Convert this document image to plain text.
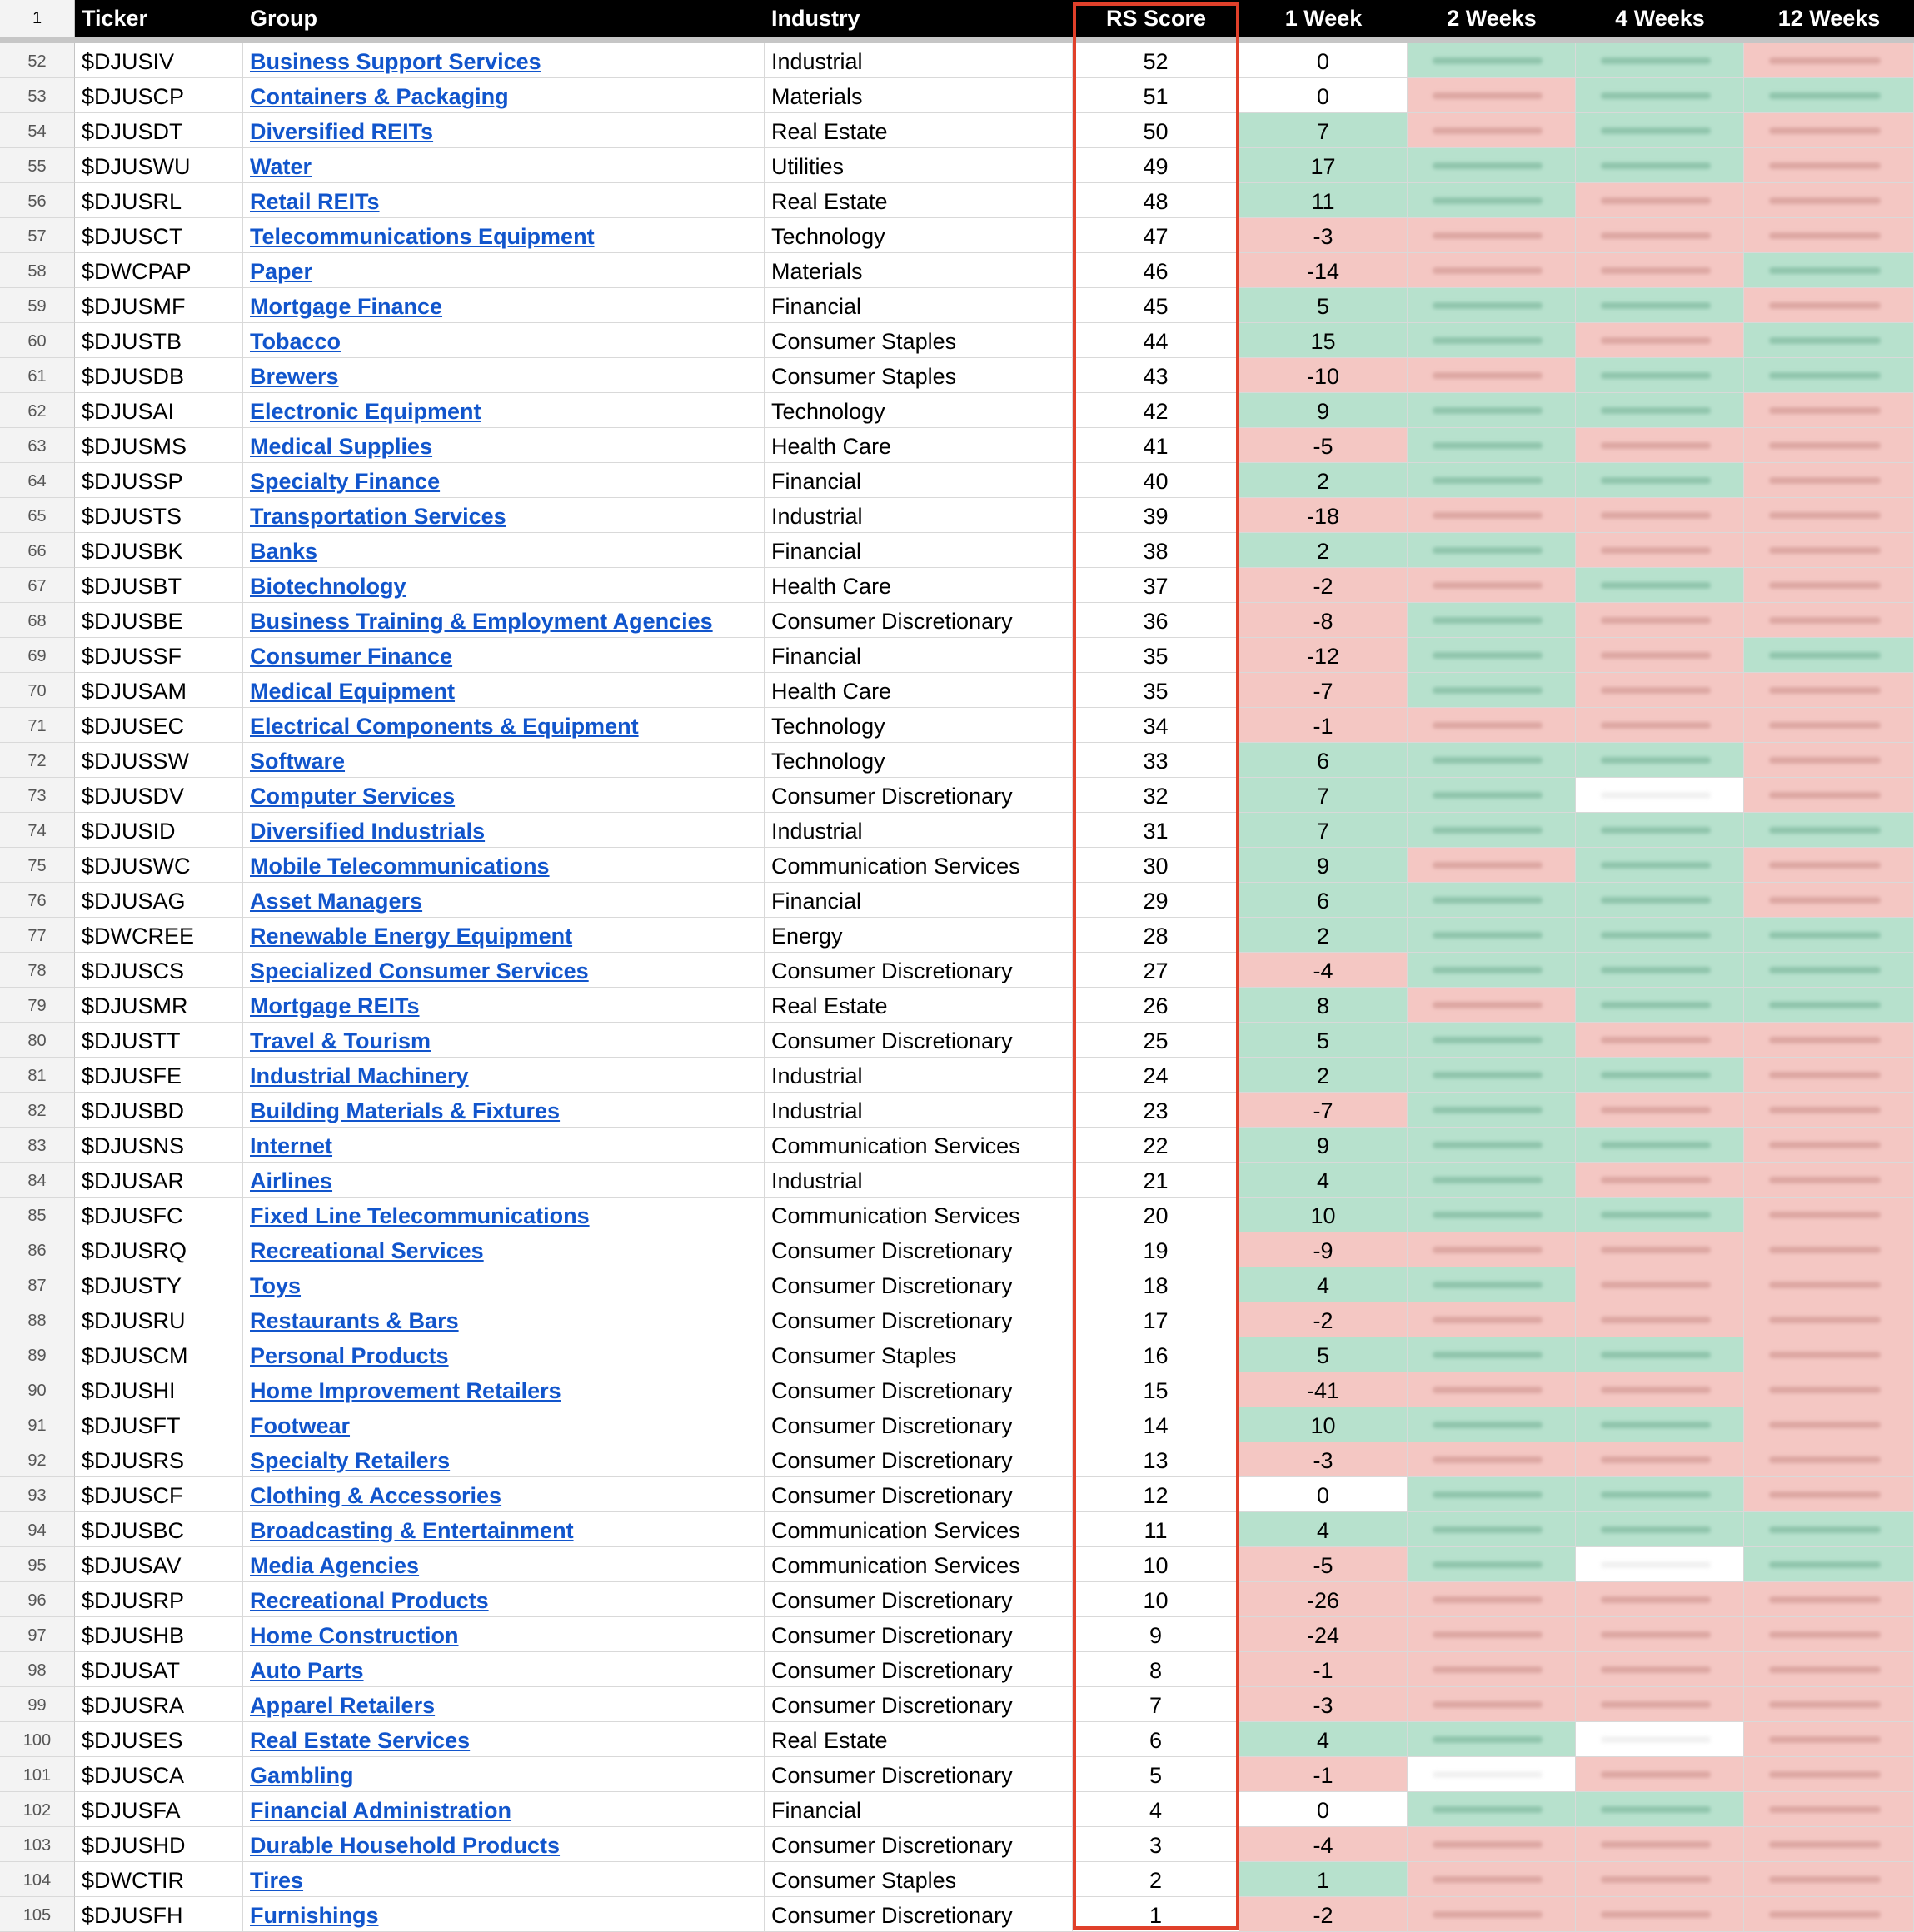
1	Ticker	Group	Industry	RS Score	1 Week	2 Weeks	4 Weeks	12 Weeks
52	$DJUSIV	Business Support Services	Industrial	52	0
53	$DJUSCP	Containers & Packaging	Materials	51	0
54	$DJUSDT	Diversified REITs	Real Estate	50	7
55	$DJUSWU	Water	Utilities	49	17
56	$DJUSRL	Retail REITs	Real Estate	48	11
57	$DJUSCT	Telecommunications Equipment	Technology	47	-3
58	$DWCPAP	Paper	Materials	46	-14
59	$DJUSMF	Mortgage Finance	Financial	45	5
60	$DJUSTB	Tobacco	Consumer Staples	44	15
61	$DJUSDB	Brewers	Consumer Staples	43	-10
62	$DJUSAI	Electronic Equipment	Technology	42	9
63	$DJUSMS	Medical Supplies	Health Care	41	-5
64	$DJUSSP	Specialty Finance	Financial	40	2
65	$DJUSTS	Transportation Services	Industrial	39	-18
66	$DJUSBK	Banks	Financial	38	2
67	$DJUSBT	Biotechnology	Health Care	37	-2
68	$DJUSBE	Business Training & Employment Agencies	Consumer Discretionary	36	-8
69	$DJUSSF	Consumer Finance	Financial	35	-12
70	$DJUSAM	Medical Equipment	Health Care	35	-7
71	$DJUSEC	Electrical Components & Equipment	Technology	34	-1
72	$DJUSSW	Software	Technology	33	6
73	$DJUSDV	Computer Services	Consumer Discretionary	32	7
74	$DJUSID	Diversified Industrials	Industrial	31	7
75	$DJUSWC	Mobile Telecommunications	Communication Services	30	9
76	$DJUSAG	Asset Managers	Financial	29	6
77	$DWCREE	Renewable Energy Equipment	Energy	28	2
78	$DJUSCS	Specialized Consumer Services	Consumer Discretionary	27	-4
79	$DJUSMR	Mortgage REITs	Real Estate	26	8
80	$DJUSTT	Travel & Tourism	Consumer Discretionary	25	5
81	$DJUSFE	Industrial Machinery	Industrial	24	2
82	$DJUSBD	Building Materials & Fixtures	Industrial	23	-7
83	$DJUSNS	Internet	Communication Services	22	9
84	$DJUSAR	Airlines	Industrial	21	4
85	$DJUSFC	Fixed Line Telecommunications	Communication Services	20	10
86	$DJUSRQ	Recreational Services	Consumer Discretionary	19	-9
87	$DJUSTY	Toys	Consumer Discretionary	18	4
88	$DJUSRU	Restaurants & Bars	Consumer Discretionary	17	-2
89	$DJUSCM	Personal Products	Consumer Staples	16	5
90	$DJUSHI	Home Improvement Retailers	Consumer Discretionary	15	-41
91	$DJUSFT	Footwear	Consumer Discretionary	14	10
92	$DJUSRS	Specialty Retailers	Consumer Discretionary	13	-3
93	$DJUSCF	Clothing & Accessories	Consumer Discretionary	12	0
94	$DJUSBC	Broadcasting & Entertainment	Communication Services	11	4
95	$DJUSAV	Media Agencies	Communication Services	10	-5
96	$DJUSRP	Recreational Products	Consumer Discretionary	10	-26
97	$DJUSHB	Home Construction	Consumer Discretionary	9	-24
98	$DJUSAT	Auto Parts	Consumer Discretionary	8	-1
99	$DJUSRA	Apparel Retailers	Consumer Discretionary	7	-3
100	$DJUSES	Real Estate Services	Real Estate	6	4
101	$DJUSCA	Gambling	Consumer Discretionary	5	-1
102	$DJUSFA	Financial Administration	Financial	4	0
103	$DJUSHD	Durable Household Products	Consumer Discretionary	3	-4
104	$DWCTIR	Tires	Consumer Staples	2	1
105	$DJUSFH	Furnishings	Consumer Discretionary	1	-2
